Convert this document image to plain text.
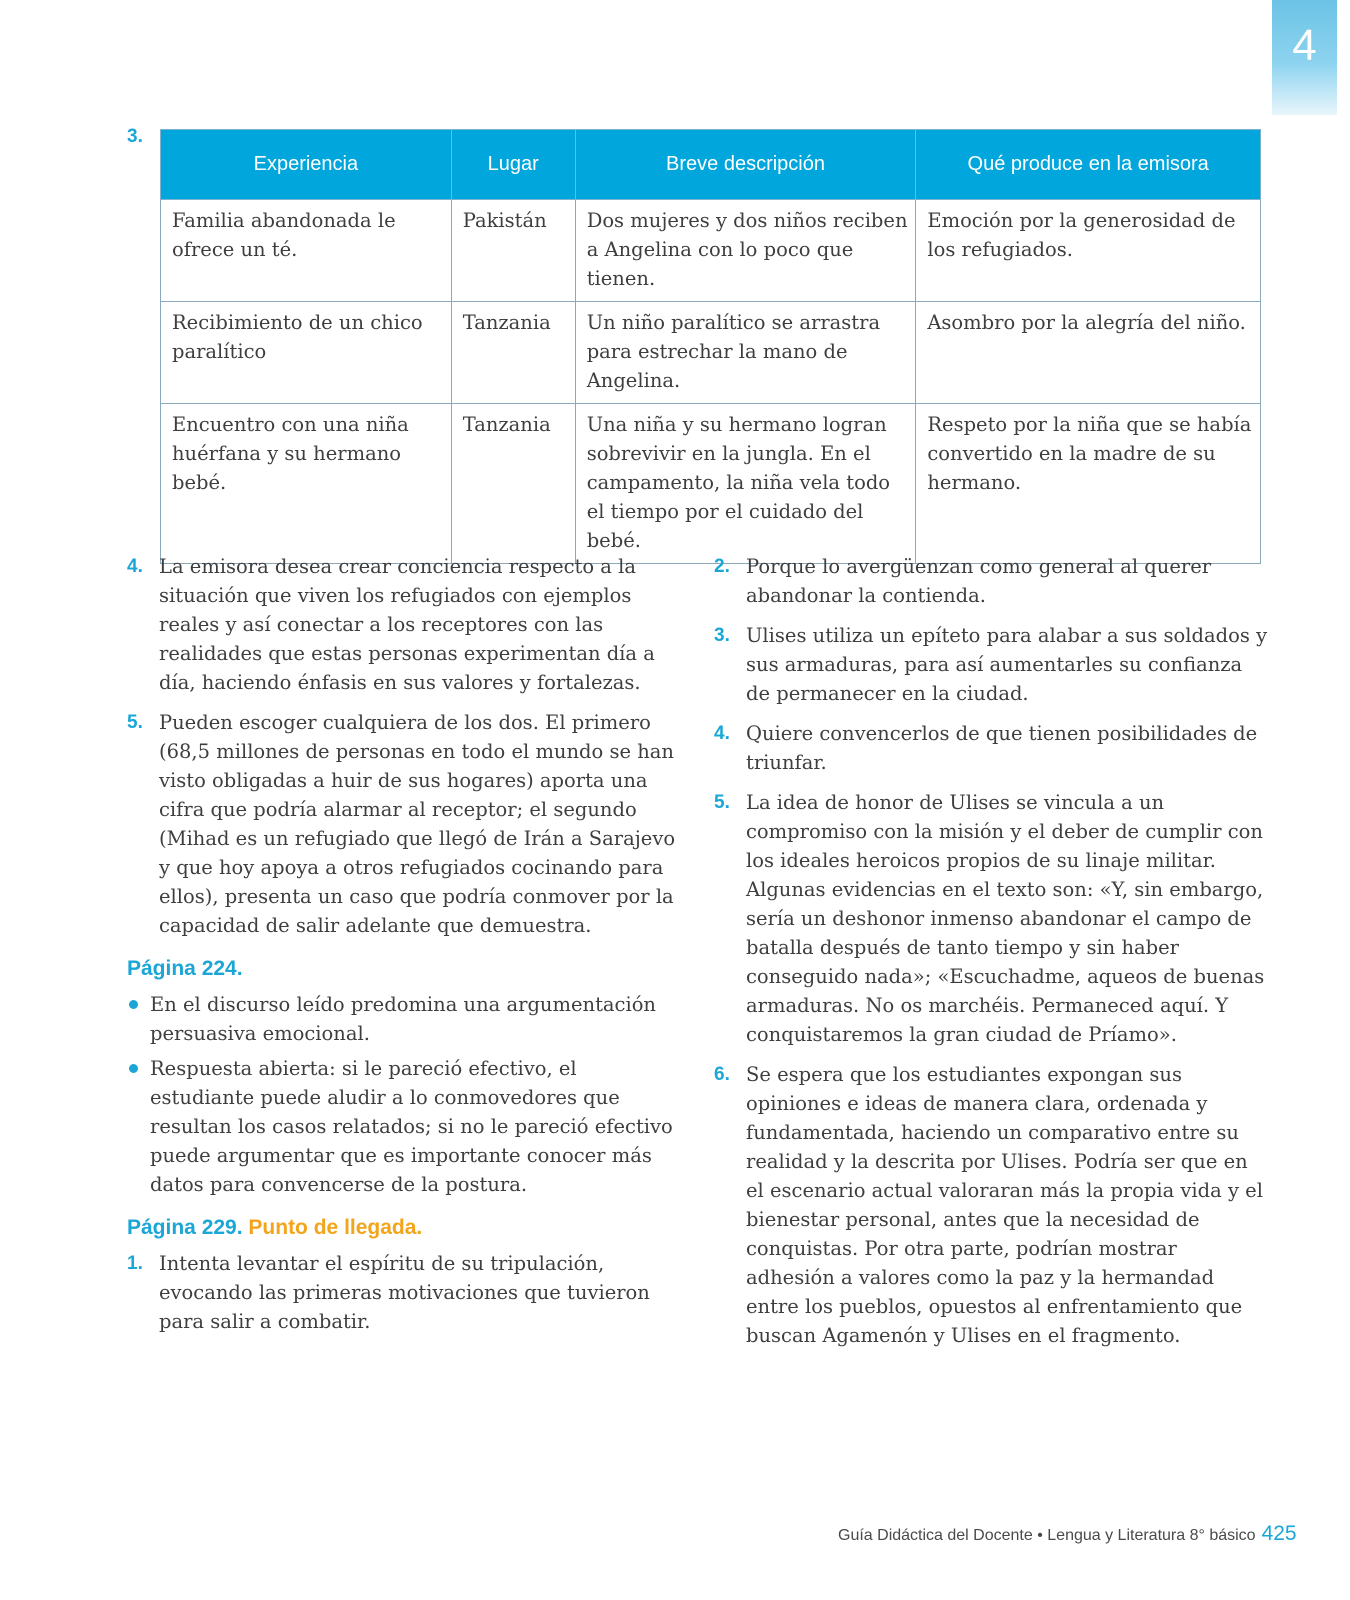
4
3.
Experiencia	Lugar	Breve descripción	Qué produce en la emisora
Familia abandonada le ofrece un té.	Pakistán	Dos mujeres y dos niños reciben a Angelina con lo poco que tienen.	Emoción por la generosidad de los refugiados.
Recibimiento de un chico paralítico	Tanzania	Un niño paralítico se arrastra para estrechar la mano de Angelina.	Asombro por la alegría del niño.
Encuentro con una niña huérfana y su hermano bebé.	Tanzania	Una niña y su hermano logran sobrevivir en la jungla. En el campamento, la niña vela todo el tiempo por el cuidado del bebé.	Respeto por la niña que se había convertido en la madre de su hermano.
4. La emisora desea crear conciencia respecto a la situación que viven los refugiados con ejemplos reales y así conectar a los receptores con las realidades que estas personas experimentan día a día, haciendo énfasis en sus valores y fortalezas.
5. Pueden escoger cualquiera de los dos. El primero (68,5 millones de personas en todo el mundo se han visto obligadas a huir de sus hogares) aporta una cifra que podría alarmar al receptor; el segundo (Mihad es un refugiado que llegó de Irán a Sarajevo y que hoy apoya a otros refugiados cocinando para ellos), presenta un caso que podría conmover por la capacidad de salir adelante que demuestra.
Página 224.
En el discurso leído predomina una argumentación persuasiva emocional.
Respuesta abierta: si le pareció efectivo, el estudiante puede aludir a lo conmovedores que resultan los casos relatados; si no le pareció efectivo puede argumentar que es importante conocer más datos para convencerse de la postura.
Página 229. Punto de llegada.
1. Intenta levantar el espíritu de su tripulación, evocando las primeras motivaciones que tuvieron para salir a combatir.
2. Porque lo avergüenzan como general al querer abandonar la contienda.
3. Ulises utiliza un epíteto para alabar a sus soldados y sus armaduras, para así aumentarles su confianza de permanecer en la ciudad.
4. Quiere convencerlos de que tienen posibilidades de triunfar.
5. La idea de honor de Ulises se vincula a un compromiso con la misión y el deber de cumplir con los ideales heroicos propios de su linaje militar. Algunas evidencias en el texto son: «Y, sin embargo, sería un deshonor inmenso abandonar el campo de batalla después de tanto tiempo y sin haber conseguido nada»; «Escuchadme, aqueos de buenas armaduras. No os marchéis. Permaneced aquí. Y conquistaremos la gran ciudad de Príamo».
6. Se espera que los estudiantes expongan sus opiniones e ideas de manera clara, ordenada y fundamentada, haciendo un comparativo entre su realidad y la descrita por Ulises. Podría ser que en el escenario actual valoraran más la propia vida y el bienestar personal, antes que la necesidad de conquistas. Por otra parte, podrían mostrar adhesión a valores como la paz y la hermandad entre los pueblos, opuestos al enfrentamiento que buscan Agamenón y Ulises en el fragmento.
Guía Didáctica del Docente • Lengua y Literatura 8° básico 425
